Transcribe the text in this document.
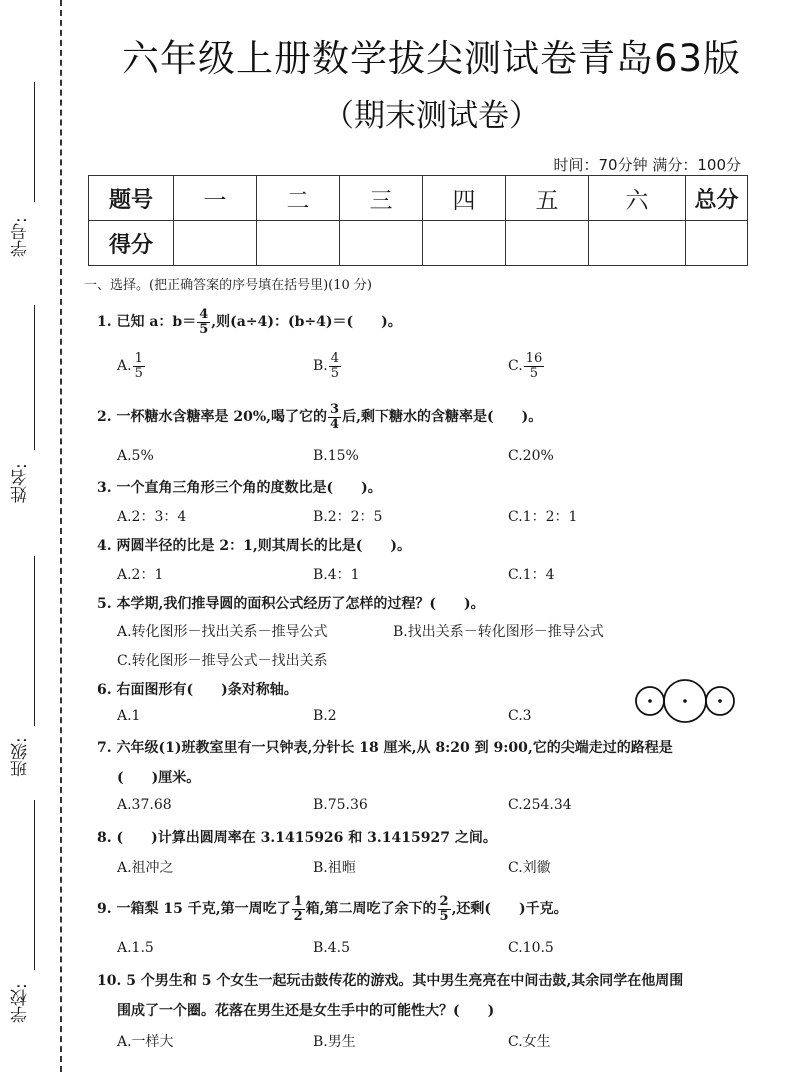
学号:
姓名:
班级:
学校:
六年级上册数学拔尖测试卷青岛63版
（期末测试卷）
时间：70分钟 满分：100分
题号	一	二	三	四	五	六	总分
得分							
一、选择。(把正确答案的序号填在括号里)(10 分)
1. 已知 a：$b= \frac{4}{5}$ ,则(a÷4)：(b÷4)＝(　　)。
A. $\frac{1}{5}$	B. $\frac{4}{5}$	C. $\frac{16}{5}$
2. 一杯糖水含糖率是 20%,喝了它的 $\frac{3}{4}$ 后,剩下糖水的含糖率是(　　)。
A.5%	B.15%	C.20%
3. 一个直角三角形三个角的度数比是(　　)。
A.2：3：4	B.2：2：5	C.1：2：1
4. 两圆半径的比是 2：1,则其周长的比是(　　)。
A.2：1	B.4：1	C.1：4
5. 本学期,我们推导圆的面积公式经历了怎样的过程？(　　)。
A.转化图形－找出关系－推导公式	B.找出关系－转化图形－推导公式
C.转化图形－推导公式－找出关系
6. 右面图形有(　　)条对称轴。
A.1	B.2	C.3
7. 六年级(1)班教室里有一只钟表,分针长 18 厘米,从 8:20 到 9:00,它的尖端走过的路程是
(　　)厘米。
A.37.68	B.75.36	C.254.34
8. (　　)计算出圆周率在 3.1415926 和 3.1415927 之间。
A.祖冲之	B.祖暅	C.刘徽
9. 一箱梨 15 千克,第一周吃了 $\frac{1}{2}$ 箱,第二周吃了余下的 $\frac{2}{5}$ ,还剩(　　)千克。
A.1.5	B.4.5	C.10.5
10. 5 个男生和 5 个女生一起玩击鼓传花的游戏。其中男生亮亮在中间击鼓,其余同学在他周围
围成了一个圈。花落在男生还是女生手中的可能性大？(　　)
A.一样大	B.男生	C.女生
